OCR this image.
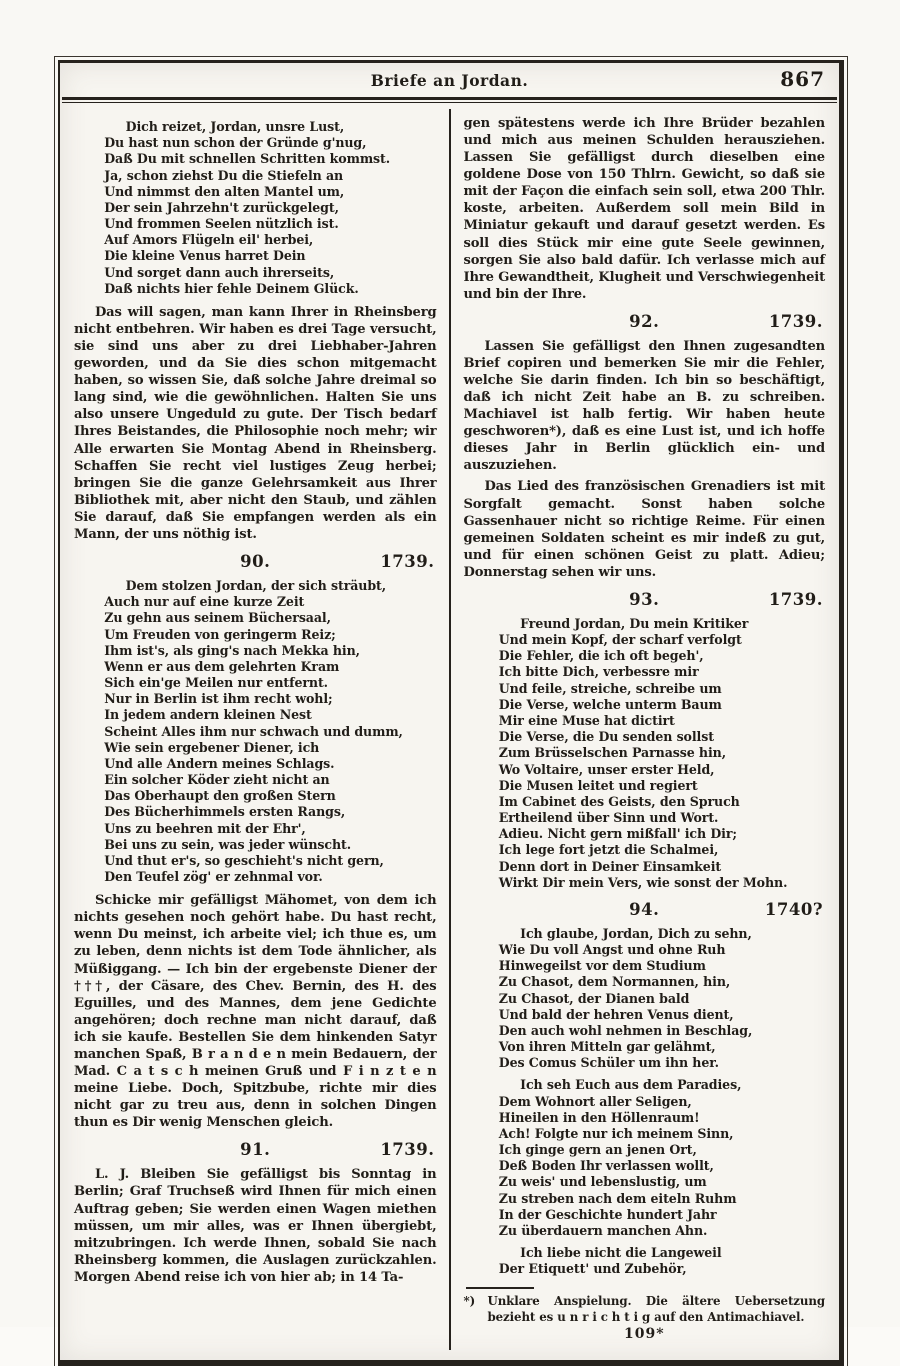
Briefe an Jordan.	867
Dich reizet, Jordan, unsre Lust,
Du hast nun schon der Gründe g'nug,
Daß Du mit schnellen Schritten kommst.
Ja, schon ziehst Du die Stiefeln an
Und nimmst den alten Mantel um,
Der sein Jahrzehn't zurückgelegt,
Und frommen Seelen nützlich ist.
Auf Amors Flügeln eil' herbei,
Die kleine Venus harret Dein
Und sorget dann auch ihrerseits,
Daß nichts hier fehle Deinem Glück.

Das will sagen, man kann Ihrer in Rheinsberg nicht entbehren. Wir haben es drei Tage versucht, sie sind uns aber zu drei Liebhaber-Jahren geworden, und da Sie dies schon mitgemacht haben, so wissen Sie, daß solche Jahre dreimal so lang sind, wie die gewöhnlichen. Halten Sie uns also unsere Ungeduld zu gute. Der Tisch bedarf Ihres Beistandes, die Philosophie noch mehr; wir Alle erwarten Sie Montag Abend in Rheinsberg. Schaffen Sie recht viel lustiges Zeug herbei; bringen Sie die ganze Gelehrsamkeit aus Ihrer Bibliothek mit, aber nicht den Staub, und zählen Sie darauf, daß Sie empfangen werden als ein Mann, der uns nöthig ist.

90.	1739.
Dem stolzen Jordan, der sich sträubt,
Auch nur auf eine kurze Zeit
Zu gehn aus seinem Büchersaal,
Um Freuden von geringerm Reiz;
Ihm ist's, als ging's nach Mekka hin,
Wenn er aus dem gelehrten Kram
Sich ein'ge Meilen nur entfernt.
Nur in Berlin ist ihm recht wohl;
In jedem andern kleinen Nest
Scheint Alles ihm nur schwach und dumm,
Wie sein ergebener Diener, ich
Und alle Andern meines Schlags.
Ein solcher Köder zieht nicht an
Das Oberhaupt den großen Stern
Des Bücherhimmels ersten Rangs,
Uns zu beehren mit der Ehr',
Bei uns zu sein, was jeder wünscht.
Und thut er's, so geschieht's nicht gern,
Den Teufel zög' er zehnmal vor.

Schicke mir gefälligst Mähomet, von dem ich nichts gesehen noch gehört habe. Du hast recht, wenn Du meinst, ich arbeite viel; ich thue es, um zu leben, denn nichts ist dem Tode ähnlicher, als Müßiggang. — Ich bin der ergebenste Diener der †††, der Cäsare, des Chev. Bernin, des H. des Eguilles, und des Mannes, dem jene Gedichte angehören; doch rechne man nicht darauf, daß ich sie kaufe. Bestellen Sie dem hinkenden Satyr manchen Spaß, B r a n d e n mein Bedauern, der Mad. C a t s c h meinen Gruß und F i n z t e n meine Liebe. Doch, Spitzbube, richte mir dies nicht gar zu treu aus, denn in solchen Dingen thun es Dir wenig Menschen gleich.

91.	1739.

L. J. Bleiben Sie gefälligst bis Sonntag in Berlin; Graf Truchseß wird Ihnen für mich einen Auftrag geben; Sie werden einen Wagen miethen müssen, um mir alles, was er Ihnen übergiebt, mitzubringen. Ich werde Ihnen, sobald Sie nach Rheinsberg kommen, die Auslagen zurückzahlen. Morgen Abend reise ich von hier ab; in 14 Ta-

gen spätestens werde ich Ihre Brüder bezahlen und mich aus meinen Schulden herausziehen. Lassen Sie gefälligst durch dieselben eine goldene Dose von 150 Thlrn. Gewicht, so daß sie mit der Façon die einfach sein soll, etwa 200 Thlr. koste, arbeiten. Außerdem soll mein Bild in Miniatur gekauft und darauf gesetzt werden. Es soll dies Stück mir eine gute Seele gewinnen, sorgen Sie also bald dafür. Ich verlasse mich auf Ihre Gewandtheit, Klugheit und Verschwiegenheit und bin der Ihre.

92.	1739.

Lassen Sie gefälligst den Ihnen zugesandten Brief copiren und bemerken Sie mir die Fehler, welche Sie darin finden. Ich bin so beschäftigt, daß ich nicht Zeit habe an B. zu schreiben. Machiavel ist halb fertig. Wir haben heute geschworen*), daß es eine Lust ist, und ich hoffe dieses Jahr in Berlin glücklich ein- und auszuziehen.

Das Lied des französischen Grenadiers ist mit Sorgfalt gemacht. Sonst haben solche Gassenhauer nicht so richtige Reime. Für einen gemeinen Soldaten scheint es mir indeß zu gut, und für einen schönen Geist zu platt. Adieu; Donnerstag sehen wir uns.

93.	1739.
Freund Jordan, Du mein Kritiker
Und mein Kopf, der scharf verfolgt
Die Fehler, die ich oft begeh',
Ich bitte Dich, verbessre mir
Und feile, streiche, schreibe um
Die Verse, welche unterm Baum
Mir eine Muse hat dictirt
Die Verse, die Du senden sollst
Zum Brüsselschen Parnasse hin,
Wo Voltaire, unser erster Held,
Die Musen leitet und regiert
Im Cabinet des Geists, den Spruch
Ertheilend über Sinn und Wort.
Adieu. Nicht gern mißfall' ich Dir;
Ich lege fort jetzt die Schalmei,
Denn dort in Deiner Einsamkeit
Wirkt Dir mein Vers, wie sonst der Mohn.
94.	1740?
Ich glaube, Jordan, Dich zu sehn,
Wie Du voll Angst und ohne Ruh
Hinwegeilst vor dem Studium
Zu Chasot, dem Normannen, hin,
Zu Chasot, der Dianen bald
Und bald der hehren Venus dient,
Den auch wohl nehmen in Beschlag,
Von ihren Mitteln gar gelähmt,
Des Comus Schüler um ihn her.
Ich seh Euch aus dem Paradies,
Dem Wohnort aller Seligen,
Hineilen in den Höllenraum!
Ach! Folgte nur ich meinem Sinn,
Ich ginge gern an jenen Ort,
Deß Boden Ihr verlassen wollt,
Zu weis' und lebenslustig, um
Zu streben nach dem eiteln Ruhm
In der Geschichte hundert Jahr
Zu überdauern manchen Ahn.
Ich liebe nicht die Langeweil
Der Etiquett' und Zubehör,
*) Unklare Anspielung. Die ältere Uebersetzung bezieht es u n r i c h t i g auf den Antimachiavel.
109*
